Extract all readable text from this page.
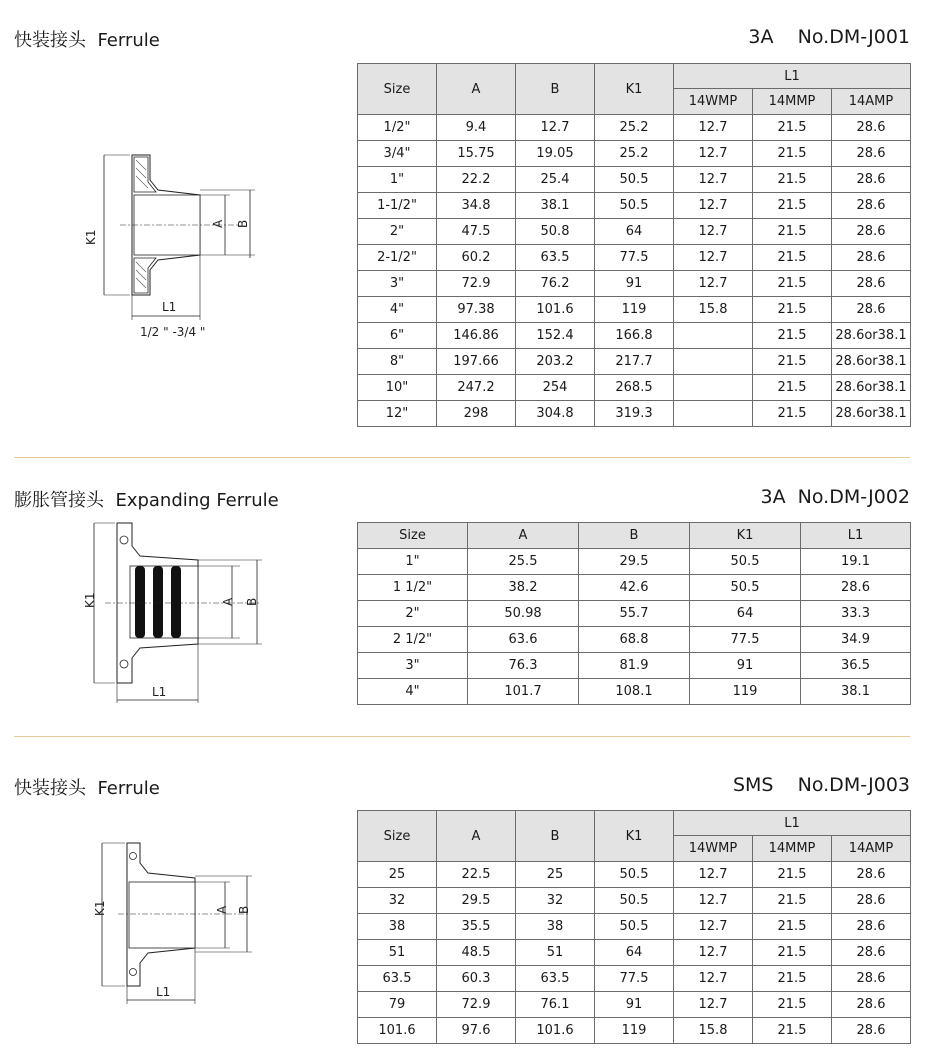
快装接头  Ferrule	3A    No.DM-J001
K1
A B
L1
1/2 " -3/4 "
Size	A	B	K1	L1		
				14WMP	14MMP	14AMP
1/2"	9.4	12.7	25.2	12.7	21.5	28.6
3/4"	15.75	19.05	25.2	12.7	21.5	28.6
1"	22.2	25.4	50.5	12.7	21.5	28.6
1-1/2"	34.8	38.1	50.5	12.7	21.5	28.6
2"	47.5	50.8	64	12.7	21.5	28.6
2-1/2"	60.2	63.5	77.5	12.7	21.5	28.6
3"	72.9	76.2	91	12.7	21.5	28.6
4"	97.38	101.6	119	15.8	21.5	28.6
6"	146.86	152.4	166.8		21.5	28.6or38.1
8"	197.66	203.2	217.7		21.5	28.6or38.1
10"	247.2	254	268.5		21.5	28.6or38.1
12"	298	304.8	319.3		21.5	28.6or38.1
膨胀管接头  Expanding Ferrule	3A  No.DM-J002
K1	A B
L1
Size	A	B	K1	L1
1"	25.5	29.5	50.5	19.1
1 1/2"	38.2	42.6	50.5	28.6
2"	50.98	55.7	64	33.3
2 1/2"	63.6	68.8	77.5	34.9
3"	76.3	81.9	91	36.5
4"	101.7	108.1	119	38.1
快装接头  Ferrule	SMS    No.DM-J003
K1	A B
L1
Size	A	B	K1	L1		
				14WMP	14MMP	14AMP
25	22.5	25	50.5	12.7	21.5	28.6
32	29.5	32	50.5	12.7	21.5	28.6
38	35.5	38	50.5	12.7	21.5	28.6
51	48.5	51	64	12.7	21.5	28.6
63.5	60.3	63.5	77.5	12.7	21.5	28.6
79	72.9	76.1	91	12.7	21.5	28.6
101.6	97.6	101.6	119	15.8	21.5	28.6
